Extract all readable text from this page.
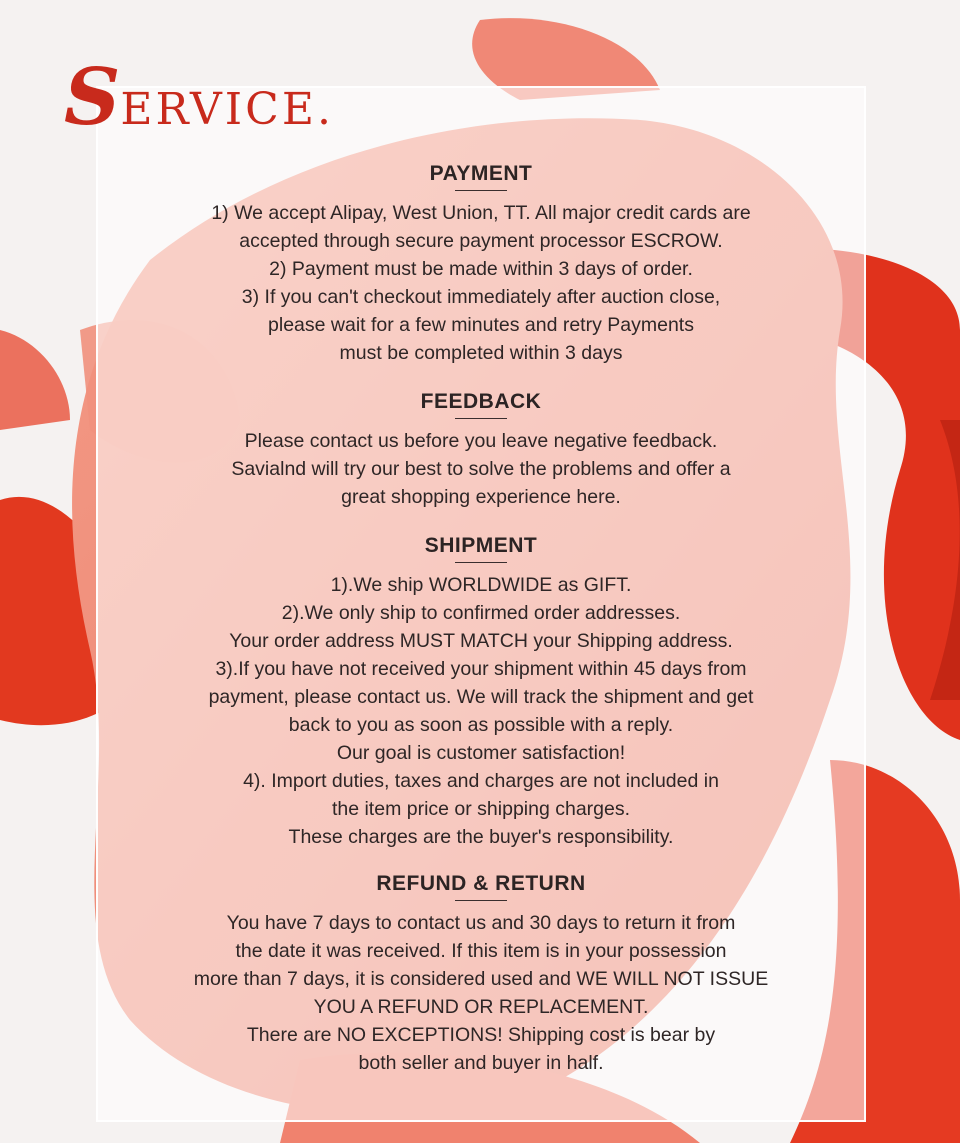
SERVICE.
PAYMENT
1) We accept Alipay, West Union, TT. All major credit cards are
accepted through secure payment processor ESCROW.
2) Payment must be made within 3 days of order.
3) If you can't checkout immediately after auction close,
please wait for a few minutes and retry Payments
must be completed within 3 days
FEEDBACK
Please contact us before you leave negative feedback.
Savialnd will try our best to solve the problems and offer a
great shopping experience here.
SHIPMENT
1).We ship WORLDWIDE as GIFT.
2).We only ship to confirmed order addresses.
Your order address MUST MATCH your Shipping address.
3).If you have not received your shipment within 45 days from
payment, please contact us. We will track the shipment and get
back to you as soon as possible with a reply.
Our goal is customer satisfaction!
4). Import duties, taxes and charges are not included in
the item price or shipping charges.
These charges are the buyer's responsibility.
REFUND & RETURN
You have 7 days to contact us and 30 days to return it from
the date it was received. If this item is in your possession
more than 7 days, it is considered used and WE WILL NOT ISSUE
YOU A REFUND OR REPLACEMENT.
There are NO EXCEPTIONS! Shipping cost is bear by
both seller and buyer in half.
